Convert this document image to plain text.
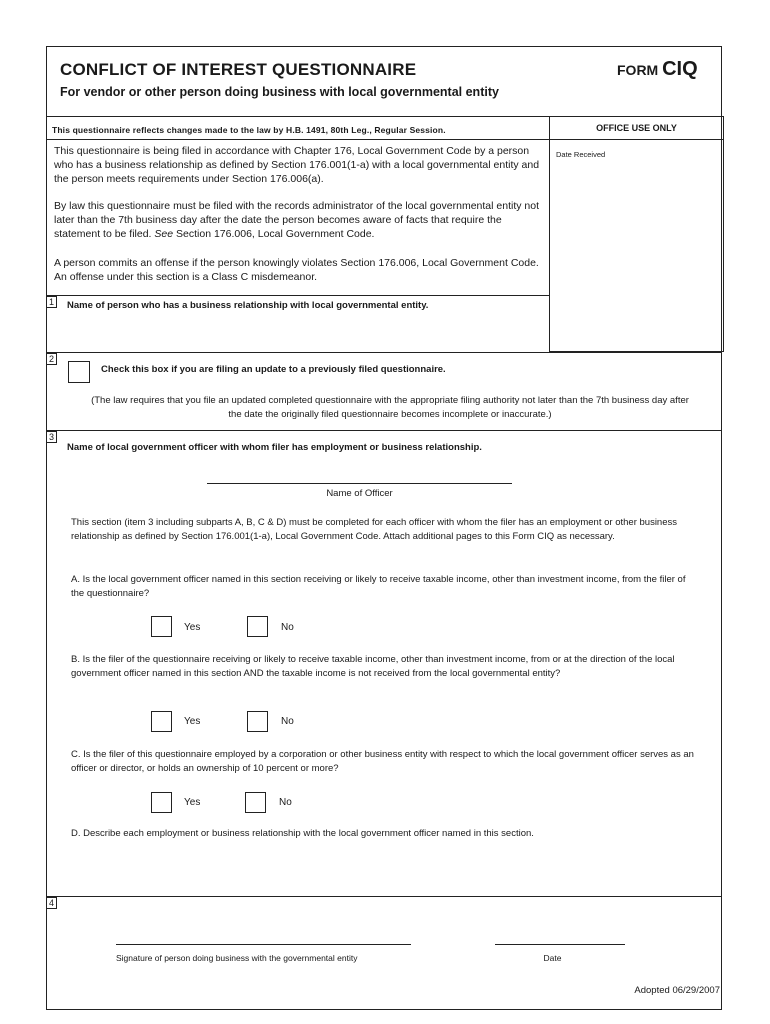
CONFLICT OF INTEREST QUESTIONNAIRE
For vendor or other person doing business with local governmental entity
FORM CIQ
This questionnaire reflects changes made to the law by H.B. 1491, 80th Leg., Regular Session.
This questionnaire is being filed in accordance with Chapter 176, Local Government Code by a person who has a business relationship as defined by Section 176.001(1-a) with a local governmental entity and the person meets requirements under Section 176.006(a).
By law this questionnaire must be filed with the records administrator of the local governmental entity not later than the 7th business day after the date the person becomes aware of facts that require the statement to be filed. See Section 176.006, Local Government Code.
A person commits an offense if the person knowingly violates Section 176.006, Local Government Code. An offense under this section is a Class C misdemeanor.
OFFICE USE ONLY
Date Received
1	Name of person who has a business relationship with local governmental entity.
2
Check this box if you are filing an update to a previously filed questionnaire.
(The law requires that you file an updated completed questionnaire with the appropriate filing authority not later than the 7th business day after the date the originally filed questionnaire becomes incomplete or inaccurate.)
3
Name of local government officer with whom filer has employment or business relationship.
Name of Officer
This section (item 3 including subparts A, B, C & D) must be completed for each officer with whom the filer has an employment or other business relationship as defined by Section 176.001(1-a), Local Government Code. Attach additional pages to this Form CIQ as necessary.
A. Is the local government officer named in this section receiving or likely to receive taxable income, other than investment income, from the filer of the questionnaire?
Yes	No
B. Is the filer of the questionnaire receiving or likely to receive taxable income, other than investment income, from or at the direction of the local government officer named in this section AND the taxable income is not received from the local governmental entity?
Yes	No
C. Is the filer of this questionnaire employed by a corporation or other business entity with respect to which the local government officer serves as an officer or director, or holds an ownership of 10 percent or more?
Yes	No
D. Describe each employment or business relationship with the local government officer named in this section.
4
Signature of person doing business with the governmental entity	Date
Adopted 06/29/2007
